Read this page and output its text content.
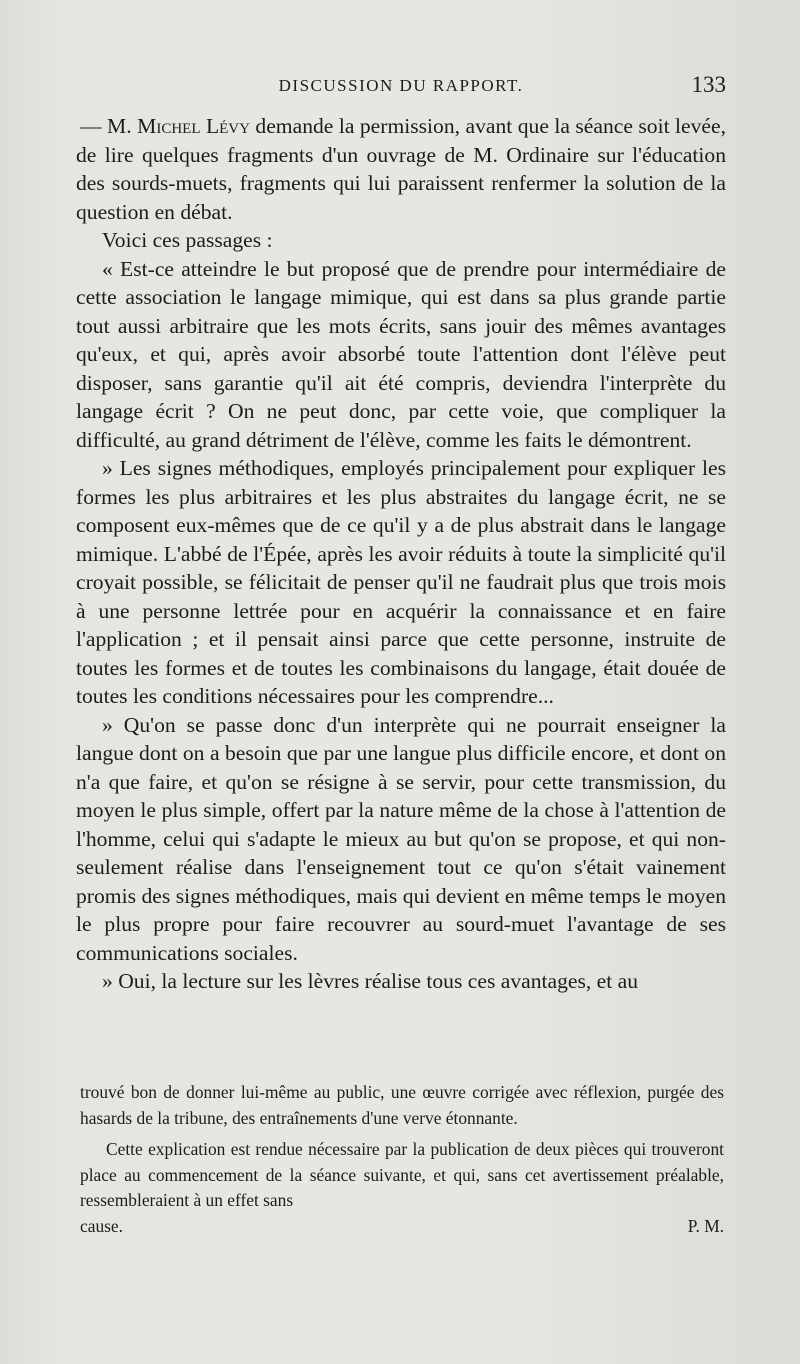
DISCUSSION DU RAPPORT.	133

— M. Michel Lévy demande la permission, avant que la séance soit levée, de lire quelques fragments d'un ouvrage de M. Ordinaire sur l'éducation des sourds-muets, fragments qui lui paraissent renfermer la solution de la question en débat.

Voici ces passages :

« Est-ce atteindre le but proposé que de prendre pour intermédiaire de cette association le langage mimique, qui est dans sa plus grande partie tout aussi arbitraire que les mots écrits, sans jouir des mêmes avantages qu'eux, et qui, après avoir absorbé toute l'attention dont l'élève peut disposer, sans garantie qu'il ait été compris, deviendra l'interprète du langage écrit ? On ne peut donc, par cette voie, que compliquer la difficulté, au grand détriment de l'élève, comme les faits le démontrent.

» Les signes méthodiques, employés principalement pour expliquer les formes les plus arbitraires et les plus abstraites du langage écrit, ne se composent eux-mêmes que de ce qu'il y a de plus abstrait dans le langage mimique. L'abbé de l'Épée, après les avoir réduits à toute la simplicité qu'il croyait possible, se félicitait de penser qu'il ne faudrait plus que trois mois à une personne lettrée pour en acquérir la connaissance et en faire l'application ; et il pensait ainsi parce que cette personne, instruite de toutes les formes et de toutes les combinaisons du langage, était douée de toutes les conditions nécessaires pour les comprendre...

» Qu'on se passe donc d'un interprète qui ne pourrait enseigner la langue dont on a besoin que par une langue plus difficile encore, et dont on n'a que faire, et qu'on se résigne à se servir, pour cette transmission, du moyen le plus simple, offert par la nature même de la chose à l'attention de l'homme, celui qui s'adapte le mieux au but qu'on se propose, et qui non-seulement réalise dans l'enseignement tout ce qu'on s'était vainement promis des signes méthodiques, mais qui devient en même temps le moyen le plus propre pour faire recouvrer au sourd-muet l'avantage de ses communications sociales.

» Oui, la lecture sur les lèvres réalise tous ces avantages, et au

trouvé bon de donner lui-même au public, une œuvre corrigée avec réflexion, purgée des hasards de la tribune, des entraînements d'une verve étonnante.

Cette explication est rendue nécessaire par la publication de deux pièces qui trouveront place au commencement de la séance suivante, et qui, sans cet avertissement préalable, ressembleraient à un effet sans

cause.	P. M.
